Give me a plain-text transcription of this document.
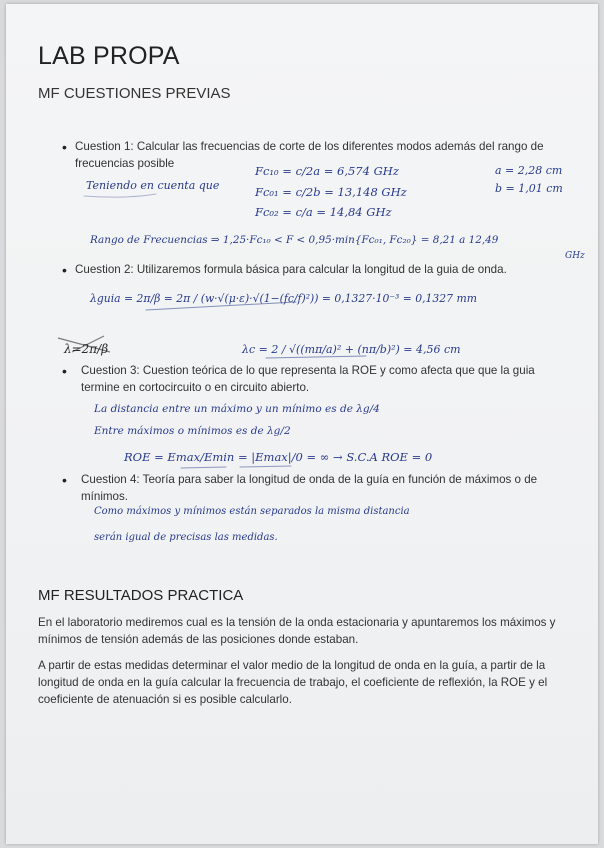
LAB PROPA
MF CUESTIONES PREVIAS
• Cuestion 1: Calcular las frecuencias de corte de los diferentes modos además del rango de
frecuencias posible
Teniendo en cuenta que
Fc₁₀ = c/2a = 6,574 GHz
Fc₀₁ = c/2b = 13,148 GHz
Fc₀₂ = c/a = 14,84 GHz
a = 2,28 cm
b = 1,01 cm
Rango de Frecuencias ⇒ 1,25·Fc₁₀ < F < 0,95·min{Fc₀₁, Fc₂₀} = 8,21 a 12,49
GHz
• Cuestion 2: Utilizaremos formula básica para calcular la longitud de la guia de onda.
λguia = 2π/β = 2π / (w·√(μ·ε)·√(1−(fc/f)²)) = 0,1327·10⁻³ = 0,1327 mm
λc = 2 / √((mπ/a)² + (nπ/b)²) = 4,56 cm
λ=2π/β
• Cuestion 3: Cuestion teórica de lo que representa la ROE y como afecta que que la guia
termine en cortocircuito o en circuito abierto.
La distancia entre un máximo y un mínimo es de λg/4
Entre máximos o mínimos es de λg/2
ROE = Emax/Emin = |Emax|/0 = ∞ → S.C.A ROE = 0
• Cuestion 4: Teoría para saber la longitud de onda de la guía en función de máximos o de
mínimos.
Como máximos y mínimos están separados la misma distancia
serán igual de precisas las medidas.
MF RESULTADOS PRACTICA
En el laboratorio mediremos cual es la tensión de la onda estacionaria y apuntaremos los máximos y
mínimos de tensión además de las posiciones donde estaban.
A partir de estas medidas determinar el valor medio de la longitud de onda en la guía, a partir de la
longitud de onda en la guía calcular la frecuencia de trabajo, el coeficiente de reflexión, la ROE y el
coeficiente de atenuación si es posible calcularlo.
